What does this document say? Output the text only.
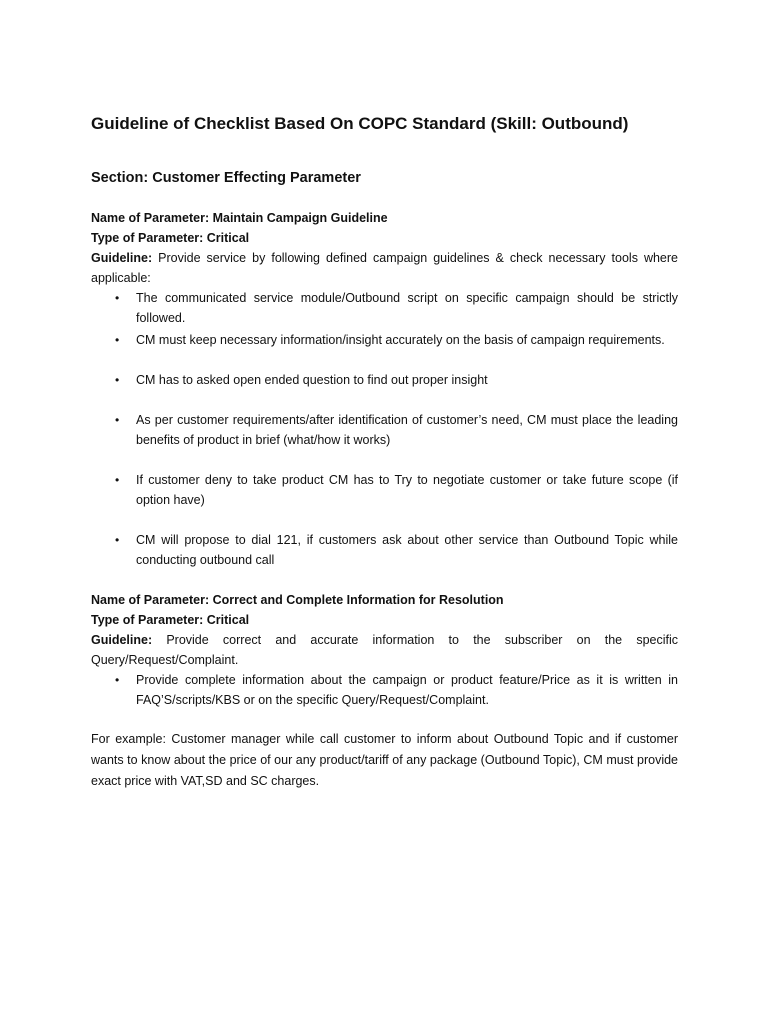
Guideline of Checklist Based On COPC Standard (Skill: Outbound)
Section: Customer Effecting Parameter

Name of Parameter: Maintain Campaign Guideline

Type of Parameter: Critical

Guideline: Provide service by following defined campaign guidelines & check necessary tools where applicable:

• The communicated service module/Outbound script on specific campaign should be strictly followed.
• CM must keep necessary information/insight accurately on the basis of campaign requirements.
• CM has to asked open ended question to find out proper insight
• As per customer requirements/after identification of customer’s need, CM must place the leading benefits of product in brief (what/how it works)
• If customer deny to take product CM has to Try to negotiate customer or take future scope (if option have)
• CM will propose to dial 121, if customers ask about other service than Outbound Topic while conducting outbound call

Name of Parameter: Correct and Complete Information for Resolution

Type of Parameter: Critical

Guideline: Provide correct and accurate information to the subscriber on the specific Query/Request/Complaint.

• Provide complete information about the campaign or product feature/Price as it is written in FAQ’S/scripts/KBS or on the specific Query/Request/Complaint.

For example: Customer manager while call customer to inform about Outbound Topic and if customer wants to know about the price of our any product/tariff of any package (Outbound Topic), CM must provide exact price with VAT,SD and SC charges.
